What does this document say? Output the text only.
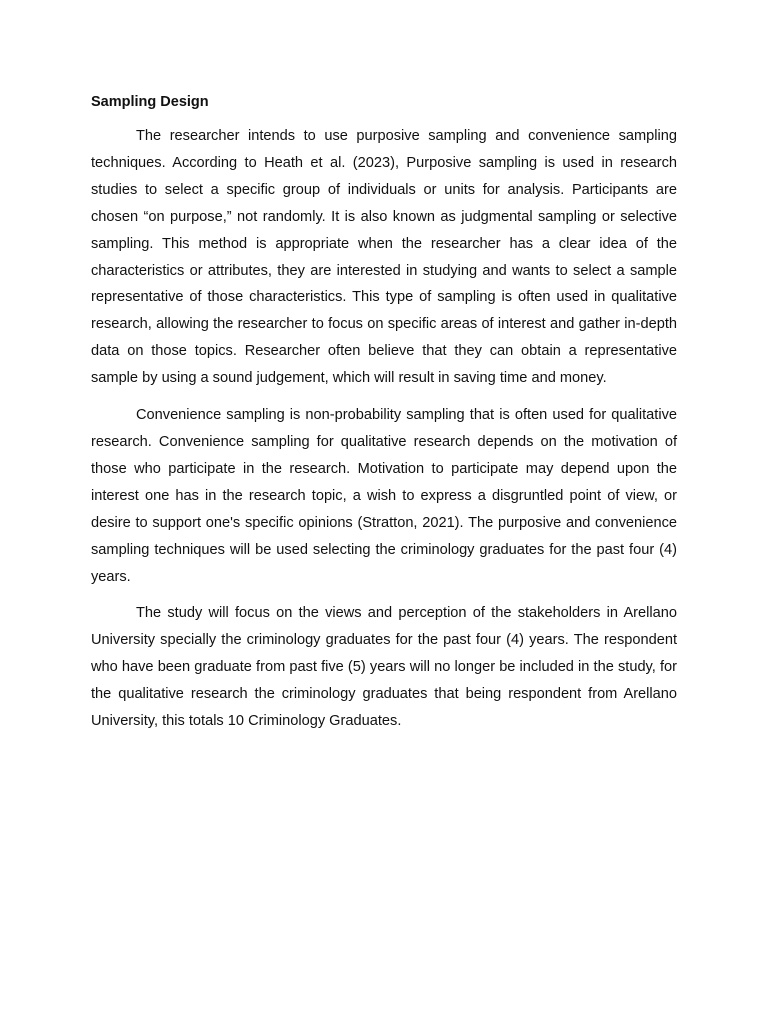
Sampling Design

The researcher intends to use purposive sampling and convenience sampling techniques. According to Heath et al. (2023), Purposive sampling is used in research studies to select a specific group of individuals or units for analysis. Participants are chosen “on purpose,” not randomly. It is also known as judgmental sampling or selective sampling. This method is appropriate when the researcher has a clear idea of the characteristics or attributes, they are interested in studying and wants to select a sample representative of those characteristics. This type of sampling is often used in qualitative research, allowing the researcher to focus on specific areas of interest and gather in-depth data on those topics. Researcher often believe that they can obtain a representative sample by using a sound judgement, which will result in saving time and money.

Convenience sampling is non-probability sampling that is often used for qualitative research. Convenience sampling for qualitative research depends on the motivation of those who participate in the research. Motivation to participate may depend upon the interest one has in the research topic, a wish to express a disgruntled point of view, or desire to support one's specific opinions (Stratton, 2021). The purposive and convenience sampling techniques will be used selecting the criminology graduates for the past four (4) years.

The study will focus on the views and perception of the stakeholders in Arellano University specially the criminology graduates for the past four (4) years. The respondent who have been graduate from past five (5) years will no longer be included in the study, for the qualitative research the criminology graduates that being respondent from Arellano University, this totals 10 Criminology Graduates.
